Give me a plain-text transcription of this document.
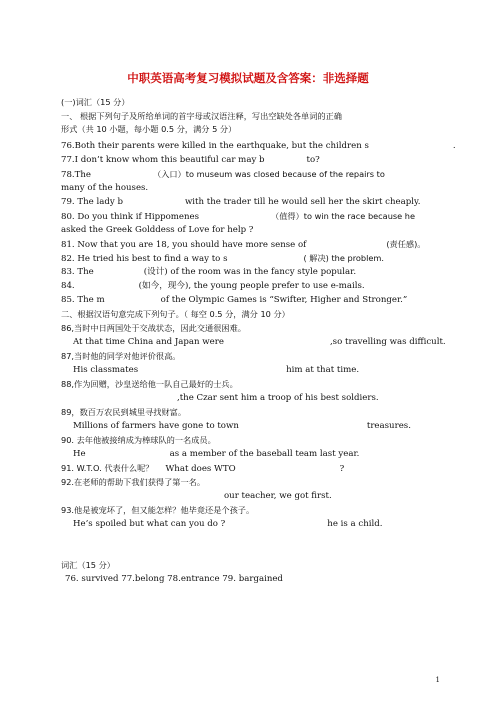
中职英语高考复习模拟试题及含答案：非选择题
(一)词汇（15 分）
一、 根据下列句子及所给单词的首字母或汉语注释，写出空缺处各单词的正确
形式（共 10 小题，每小题 0.5 分，满分 5 分）
76.Both their parents were killed in the earthquake, but the children s	.
77.I don’t know whom this beautiful car may b	to?
78.The	（入口）to museum was closed because of the repairs to
many of the houses.
79. The lady b	with the trader till he would sell her the skirt cheaply.
80. Do you think if Hippomenes	（值得）to win the race because he
asked the Greek Golddess of Love for help ?
81. Now that you are 18, you should have more sense of	(责任感)。
82. He tried his best to find a way to s	( 解决) the problem.
83. The	(设计) of the room was in the fancy style popular.
84.	(如今，现今), the young people prefer to use e-mails.
85. The m	of the Olympic Games is “Swifter, Higher and Stronger.”
二、根据汉语句意完成下列句子。（ 每空 0.5 分，满分 10 分）
86,当时中日两国处于交战状态，因此交通很困难。
At that time China and Japan were	,so travelling was difficult.
87,当时他的同学对他评价很高。
His classmates	him at that time.
88,作为回赠，沙皇送给他一队自己最好的士兵。
,the Czar sent him a troop of his best soldiers.
89，数百万农民到城里寻找财富。
Millions of farmers have gone to town	treasures.
90. 去年他被接纳成为棒球队的一名成员。
He	as a member of the baseball team last year.
91. W.T.O. 代表什么呢？ What does WTO	?
92.在老师的帮助下我们获得了第一名。
our teacher, we got first.
93.他是被宠坏了，但又能怎样？他毕竟还是个孩子。
He’s spoiled but what can you do ?	he is a child.
词汇（15 分）
76. survived 77.belong 78.entrance 79. bargained
1
